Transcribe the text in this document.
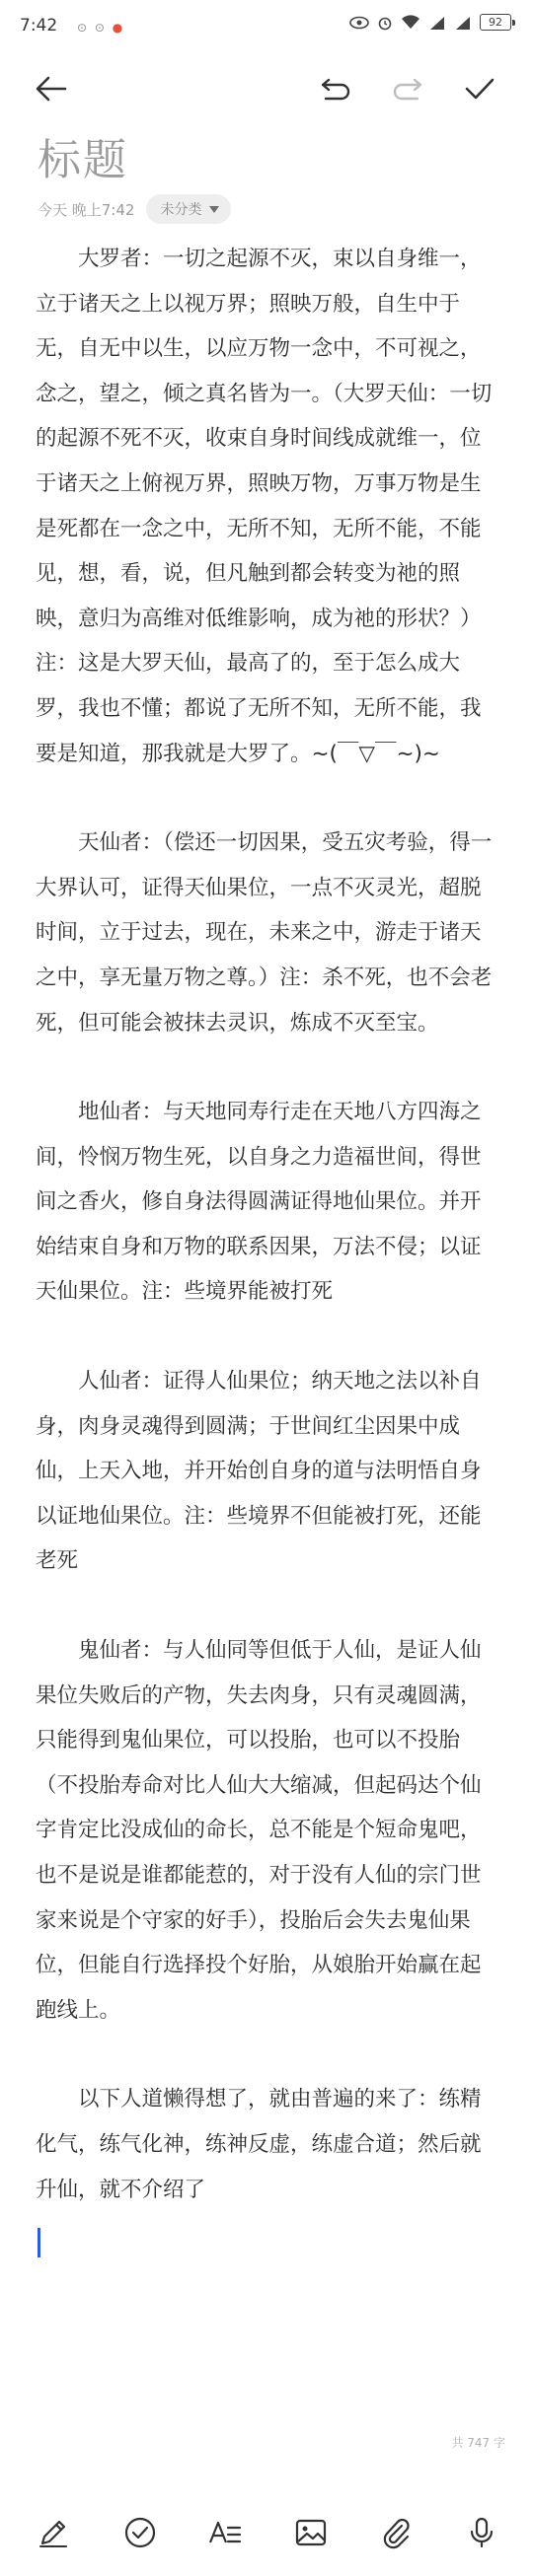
7:42 ⊙ ⊙ ●	92
标题
今天 晚上7:42 未分类

大罗者：一切之起源不灭，束以自身维一，立于诸天之上以视万界；照映万般，自生中于无，自无中以生，以应万物一念中，不可视之，念之，望之，倾之真名皆为一。（大罗天仙：一切的起源不死不灭，收束自身时间线成就维一，位于诸天之上俯视万界，照映万物，万事万物是生是死都在一念之中，无所不知，无所不能，不能见，想，看，说，但凡触到都会转变为祂的照映，意归为高维对低维影响，成为祂的形状？）注：这是大罗天仙，最高了的，至于怎么成大罗，我也不懂；都说了无所不知，无所不能，我要是知道，那我就是大罗了。~(￣▽￣~)~

天仙者：（偿还一切因果，受五灾考验，得一大界认可，证得天仙果位，一点不灭灵光，超脱时间，立于过去，现在，未来之中，游走于诸天之中，享无量万物之尊。）注：杀不死，也不会老死，但可能会被抹去灵识，炼成不灭至宝。

地仙者：与天地同寿行走在天地八方四海之间，怜悯万物生死，以自身之力造福世间，得世间之香火，修自身法得圆满证得地仙果位。并开始结束自身和万物的联系因果，万法不侵；以证天仙果位。注：些境界能被打死

人仙者：证得人仙果位；纳天地之法以补自身，肉身灵魂得到圆满；于世间红尘因果中成仙，上天入地，并开始创自身的道与法明悟自身以证地仙果位。注：些境界不但能被打死，还能老死

鬼仙者：与人仙同等但低于人仙，是证人仙果位失败后的产物，失去肉身，只有灵魂圆满，只能得到鬼仙果位，可以投胎，也可以不投胎（不投胎寿命对比人仙大大缩减，但起码达个仙字肯定比没成仙的命长，总不能是个短命鬼吧，也不是说是谁都能惹的，对于没有人仙的宗门世家来说是个守家的好手），投胎后会失去鬼仙果位，但能自行选择投个好胎，从娘胎开始赢在起跑线上。

以下人道懒得想了，就由普遍的来了：练精化气，练气化神，练神反虚，练虚合道；然后就升仙，就不介绍了

共 747 字
